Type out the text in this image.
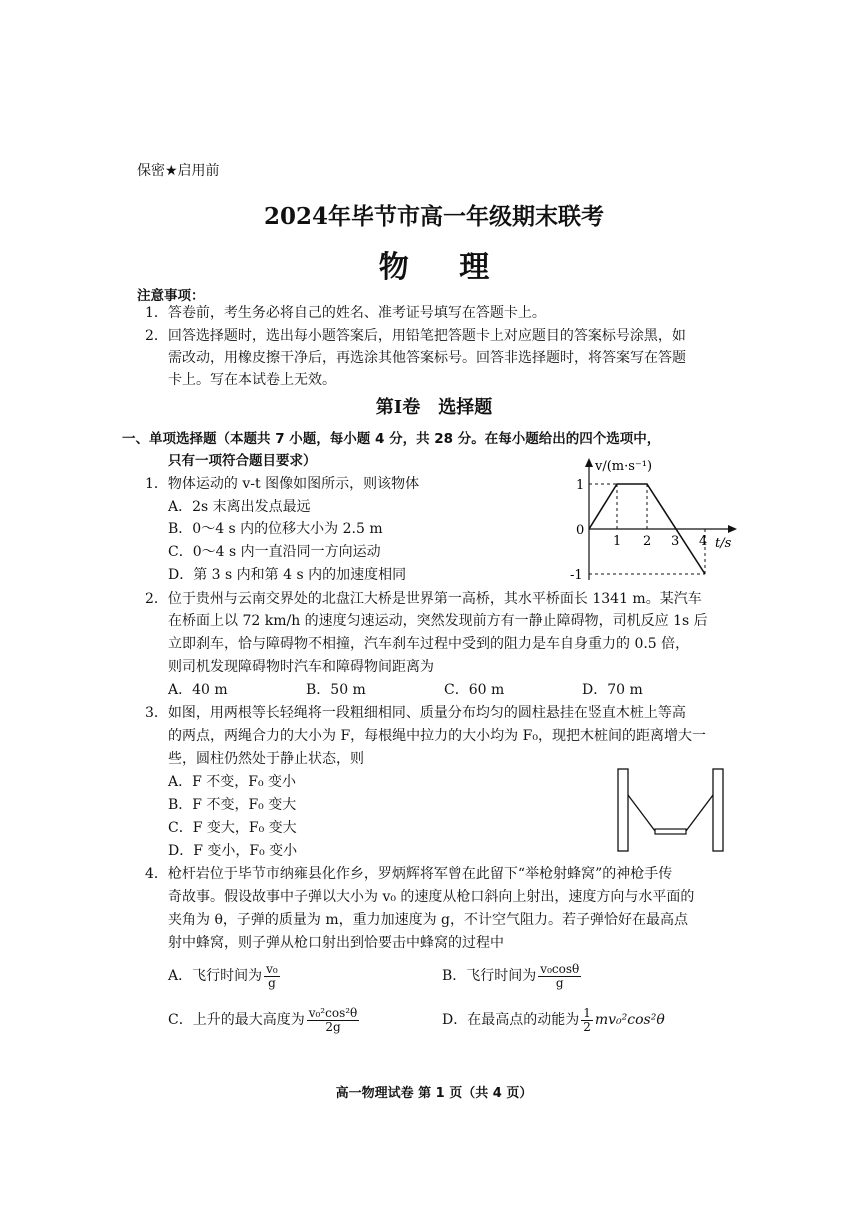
保密★启用前
2024年毕节市高一年级期末联考
物 理
注意事项：
1．答卷前，考生务必将自己的姓名、准考证号填写在答题卡上。
2．回答选择题时，选出每小题答案后，用铅笔把答题卡上对应题目的答案标号涂黑，如
需改动，用橡皮擦干净后，再选涂其他答案标号。回答非选择题时，将答案写在答题
卡上。写在本试卷上无效。
第Ⅰ卷　选择题
一、单项选择题（本题共 7 小题，每小题 4 分，共 28 分。在每小题给出的四个选项中，
只有一项符合题目要求）
1．物体运动的 v-t 图像如图所示，则该物体
A．2s 末离出发点最远
B．0～4 s 内的位移大小为 2.5 m
C．0～4 s 内一直沿同一方向运动
D．第 3 s 内和第 4 s 内的加速度相同
v/(m·s⁻¹)
t/s
1
0
-1
1 2 3 4
2．位于贵州与云南交界处的北盘江大桥是世界第一高桥，其水平桥面长 1341 m。某汽车
在桥面上以 72 km/h 的速度匀速运动，突然发现前方有一静止障碍物，司机反应 1s 后
立即刹车，恰与障碍物不相撞，汽车刹车过程中受到的阻力是车自身重力的 0.5 倍，
则司机发现障碍物时汽车和障碍物间距离为
A．40 m	B．50 m	C．60 m	D．70 m
3．如图，用两根等长轻绳将一段粗细相同、质量分布均匀的圆柱悬挂在竖直木桩上等高
的两点，两绳合力的大小为 F，每根绳中拉力的大小均为 F₀，现把木桩间的距离增大一
些，圆柱仍然处于静止状态，则
A．F 不变，F₀ 变小
B．F 不变，F₀ 变大
C．F 变大，F₀ 变大
D．F 变小，F₀ 变小
4．枪杆岩位于毕节市纳雍县化作乡，罗炳辉将军曾在此留下“举枪射蜂窝”的神枪手传
奇故事。假设故事中子弹以大小为 v₀ 的速度从枪口斜向上射出，速度方向与水平面的
夹角为 θ，子弹的质量为 m，重力加速度为 g，不计空气阻力。若子弹恰好在最高点
射中蜂窝，则子弹从枪口射出到恰要击中蜂窝的过程中
A．飞行时间为 $\frac{\text{v₀}}{g}$	B．飞行时间为 $\frac{\text{v₀cosθ}}{g}$
C．上升的最大高度为 $\frac{\text{v₀²cos²θ}}{2g}$	D．在最高点的动能为 $\frac{1}{2} mv_0^2\cos^2\theta$
高一物理试卷 第 1 页（共 4 页）
